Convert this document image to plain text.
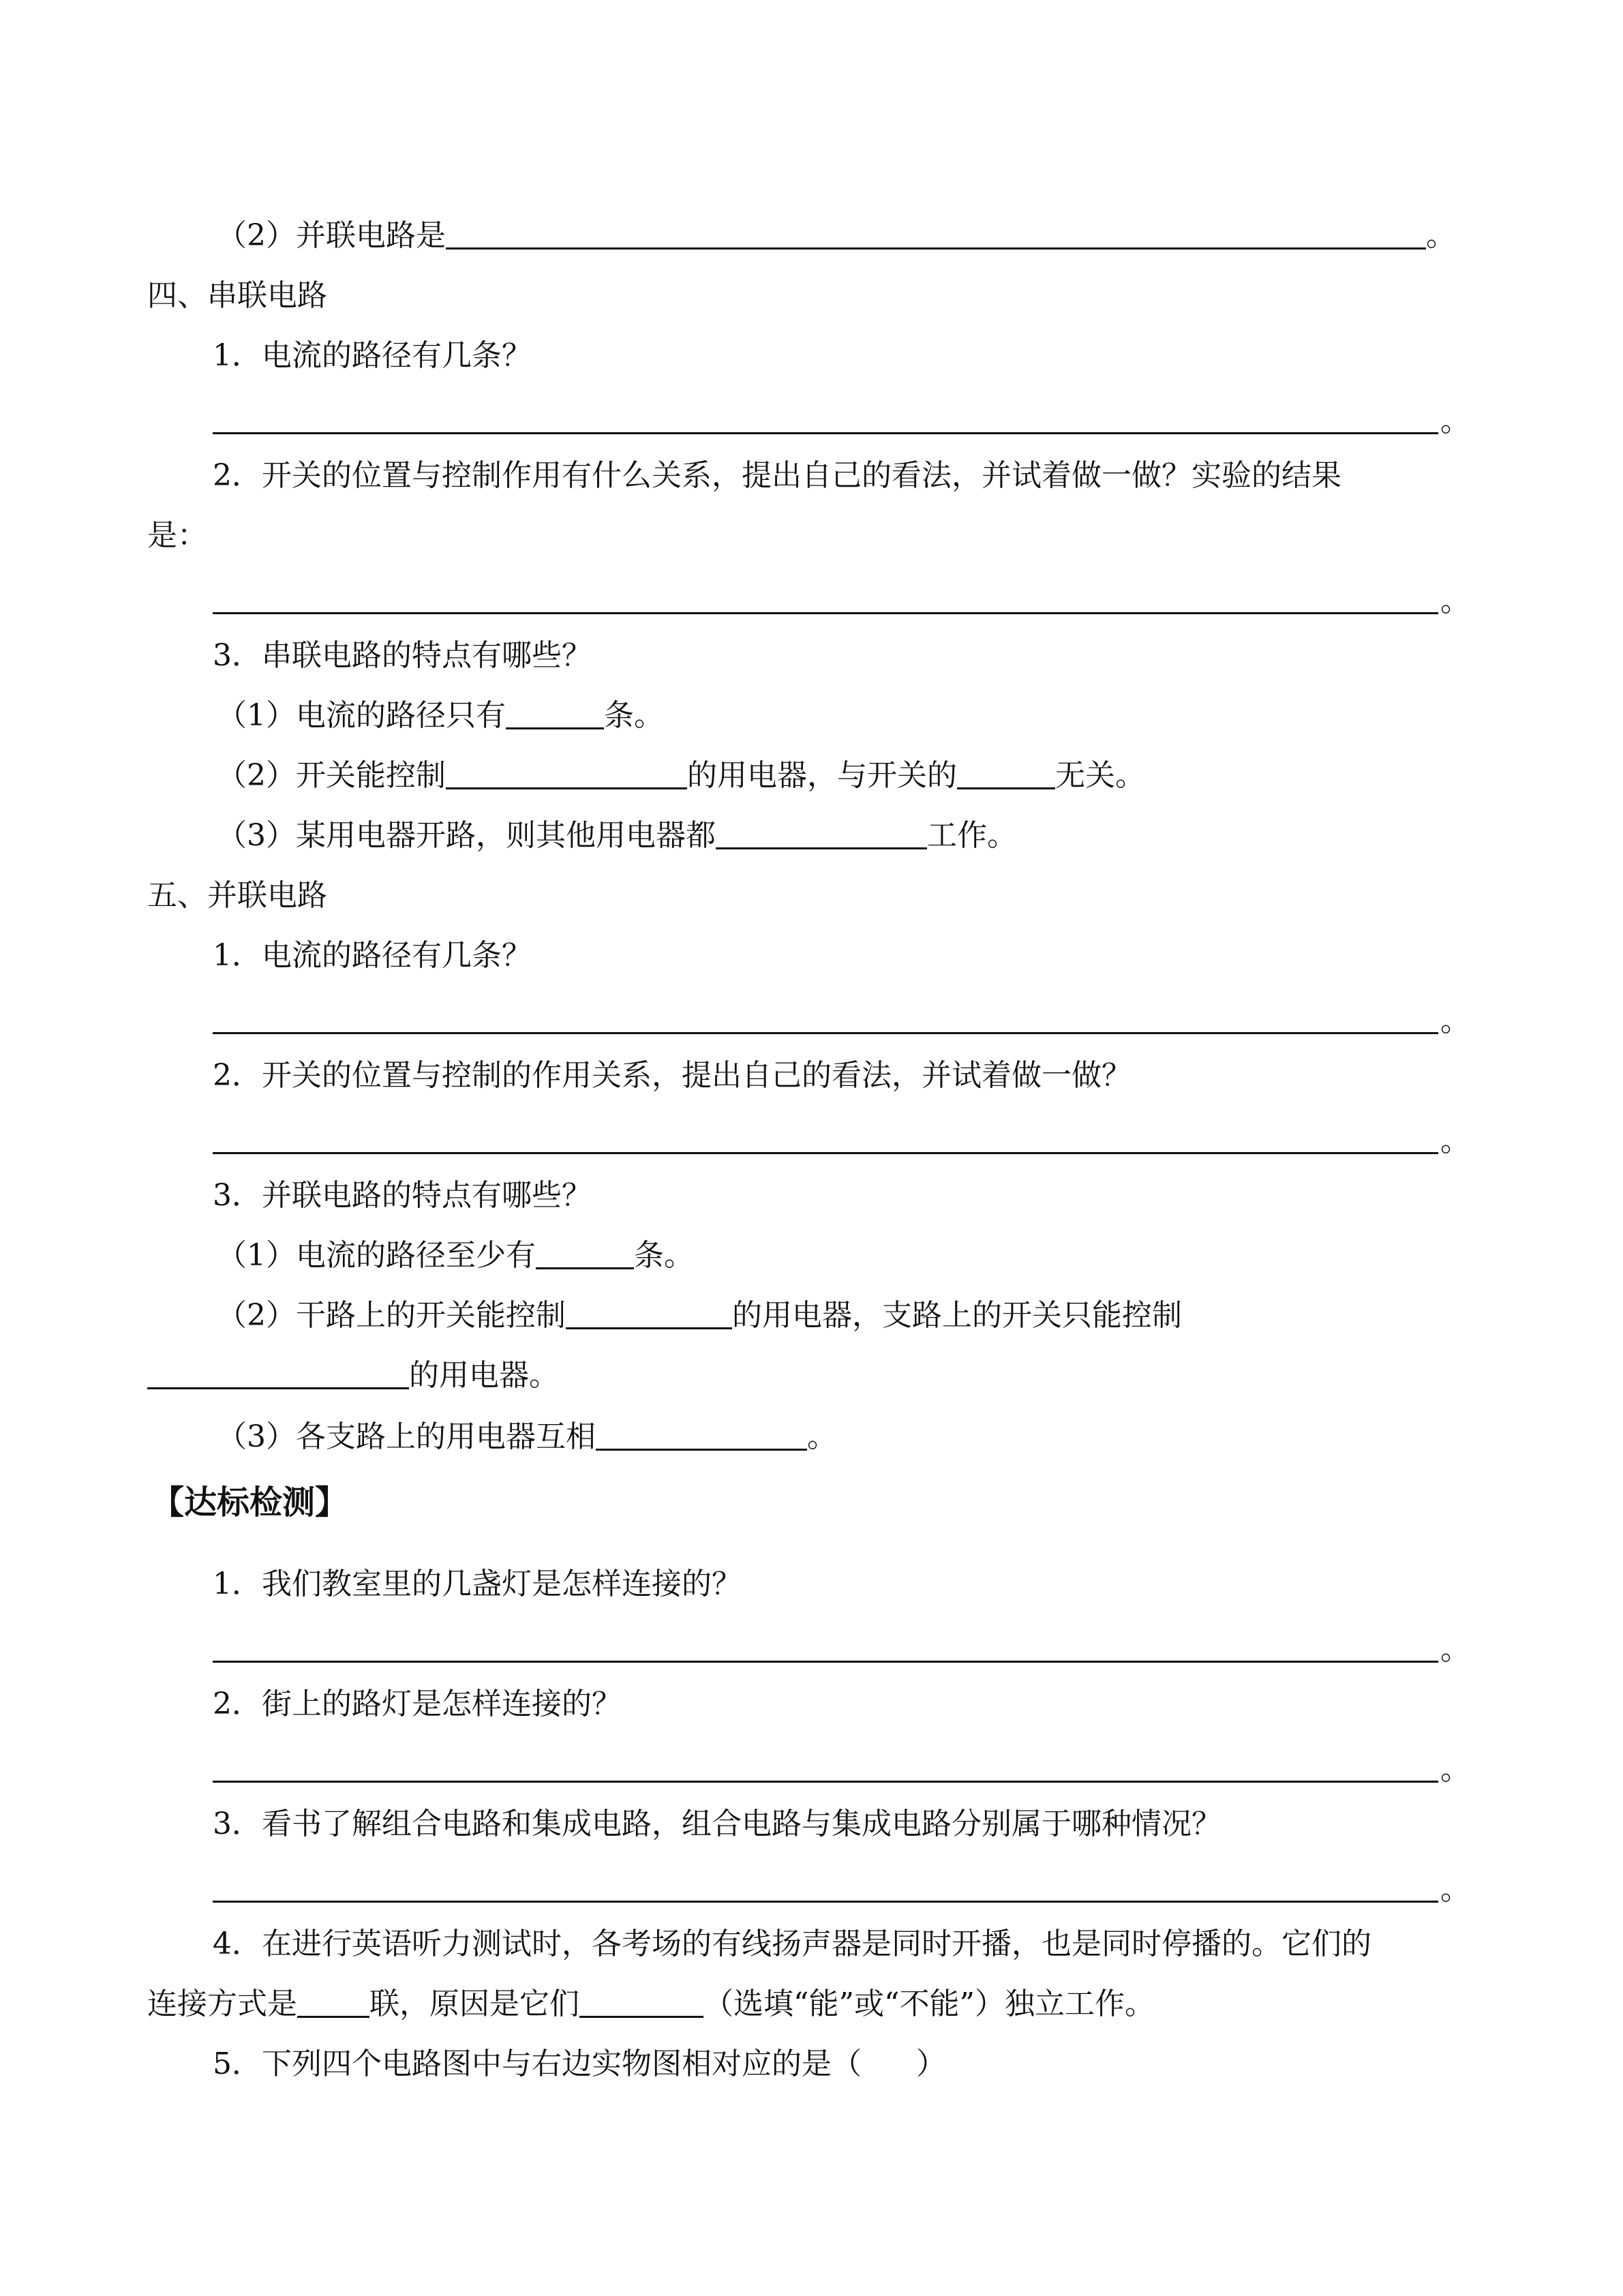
（2）并联电路是	。
四、串联电路
1．电流的路径有几条？
。
2．开关的位置与控制作用有什么关系，提出自己的看法，并试着做一做？实验的结果
是：
。
3．串联电路的特点有哪些？
（1）电流的路径只有	条。
（2）开关能控制	的用电器，与开关的	无关。
（3）某用电器开路，则其他用电器都	工作。
五、并联电路
1．电流的路径有几条？
。
2．开关的位置与控制的作用关系，提出自己的看法，并试着做一做？
。
3．并联电路的特点有哪些？
（1）电流的路径至少有	条。
（2）干路上的开关能控制	的用电器，支路上的开关只能控制
的用电器。
（3）各支路上的用电器互相	。
【达标检测】
1．我们教室里的几盏灯是怎样连接的？
。
2．街上的路灯是怎样连接的？
。
3．看书了解组合电路和集成电路，组合电路与集成电路分别属于哪种情况？
。
4．在进行英语听力测试时，各考场的有线扬声器是同时开播，也是同时停播的。它们的
连接方式是 联，原因是它们	（选填“能”或“不能”）独立工作。
5．下列四个电路图中与右边实物图相对应的是（ ）
